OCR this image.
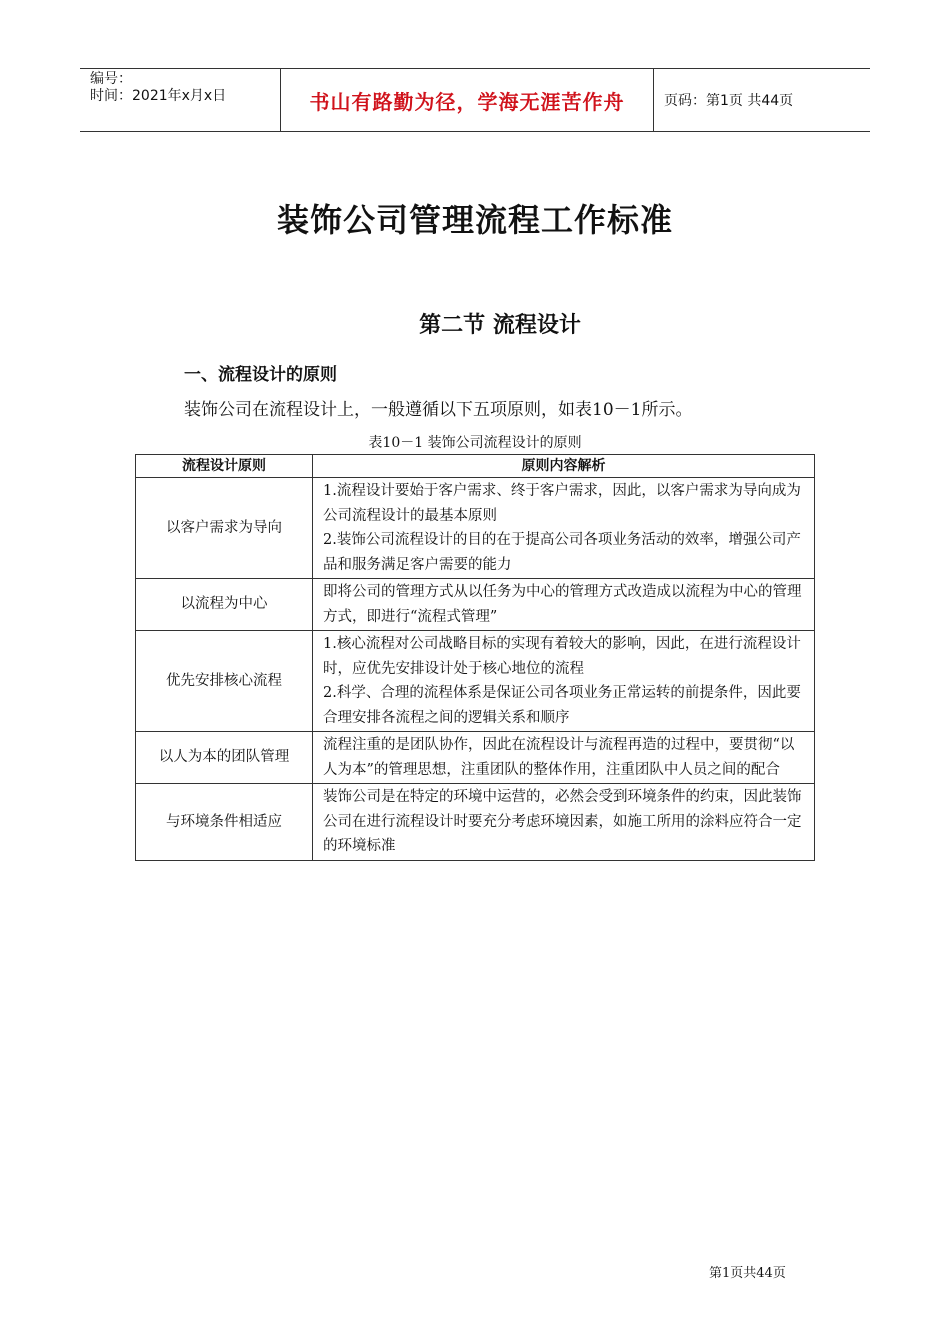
编号：
时间：2021年x月x日	书山有路勤为径，学海无涯苦作舟	页码：第1页 共44页
装饰公司管理流程工作标准
第二节 流程设计
一、流程设计的原则
装饰公司在流程设计上，一般遵循以下五项原则，如表10－1所示。
表10－1 装饰公司流程设计的原则
流程设计原则	原则内容解析
以客户需求为导向	1.流程设计要始于客户需求、终于客户需求，因此，以客户需求为导向成为公司流程设计的最基本原则
2.装饰公司流程设计的目的在于提高公司各项业务活动的效率，增强公司产品和服务满足客户需要的能力

以流程为中心	即将公司的管理方式从以任务为中心的管理方式改造成以流程为中心的管理方式，即进行“流程式管理”

优先安排核心流程	1.核心流程对公司战略目标的实现有着较大的影响，因此，在进行流程设计时，应优先安排设计处于核心地位的流程
2.科学、合理的流程体系是保证公司各项业务正常运转的前提条件，因此要合理安排各流程之间的逻辑关系和顺序

以人为本的团队管理	流程注重的是团队协作，因此在流程设计与流程再造的过程中，要贯彻“以人为本”的管理思想，注重团队的整体作用，注重团队中人员之间的配合

与环境条件相适应	装饰公司是在特定的环境中运营的，必然会受到环境条件的约束，因此装饰公司在进行流程设计时要充分考虑环境因素，如施工所用的涂料应符合一定的环境标准
第1页共44页
